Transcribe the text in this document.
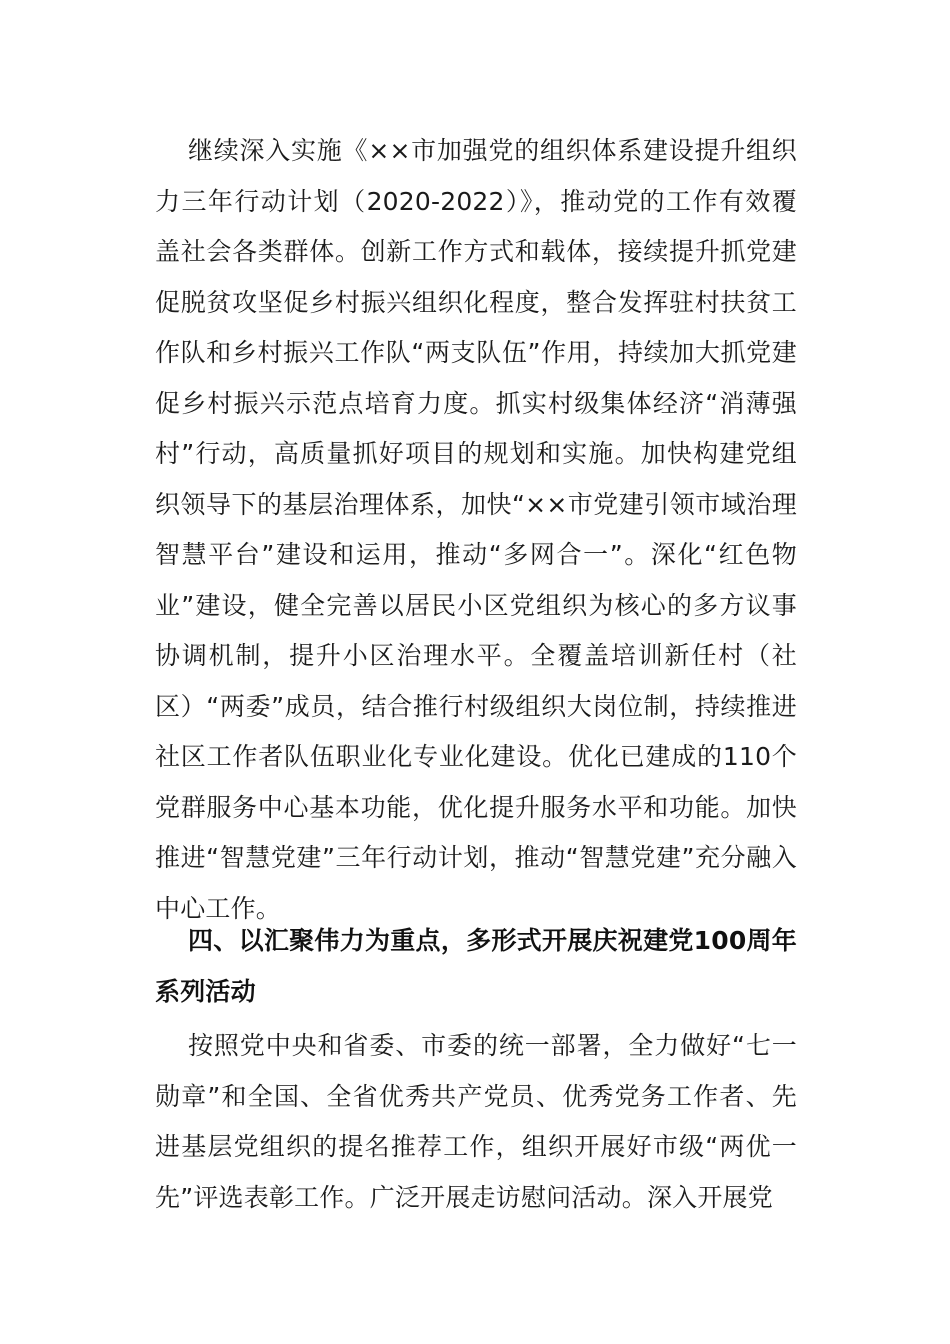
继续深入实施《××市加强党的组织体系建设提升组织力三年行动计划（2020-2022）》，推动党的工作有效覆盖社会各类群体。创新工作方式和载体，接续提升抓党建促脱贫攻坚促乡村振兴组织化程度，整合发挥驻村扶贫工作队和乡村振兴工作队“两支队伍”作用，持续加大抓党建促乡村振兴示范点培育力度。抓实村级集体经济“消薄强村”行动，高质量抓好项目的规划和实施。加快构建党组织领导下的基层治理体系，加快“××市党建引领市域治理智慧平台”建设和运用，推动“多网合一”。深化“红色物业”建设，健全完善以居民小区党组织为核心的多方议事协调机制，提升小区治理水平。全覆盖培训新任村（社区）“两委”成员，结合推行村级组织大岗位制，持续推进社区工作者队伍职业化专业化建设。优化已建成的110个党群服务中心基本功能，优化提升服务水平和功能。加快推进“智慧党建”三年行动计划，推动“智慧党建”充分融入中心工作。

四、以汇聚伟力为重点，多形式开展庆祝建党100周年系列活动

按照党中央和省委、市委的统一部署，全力做好“七一勋章”和全国、全省优秀共产党员、优秀党务工作者、先进基层党组织的提名推荐工作，组织开展好市级“两优一先”评选表彰工作。广泛开展走访慰问活动。深入开展党
